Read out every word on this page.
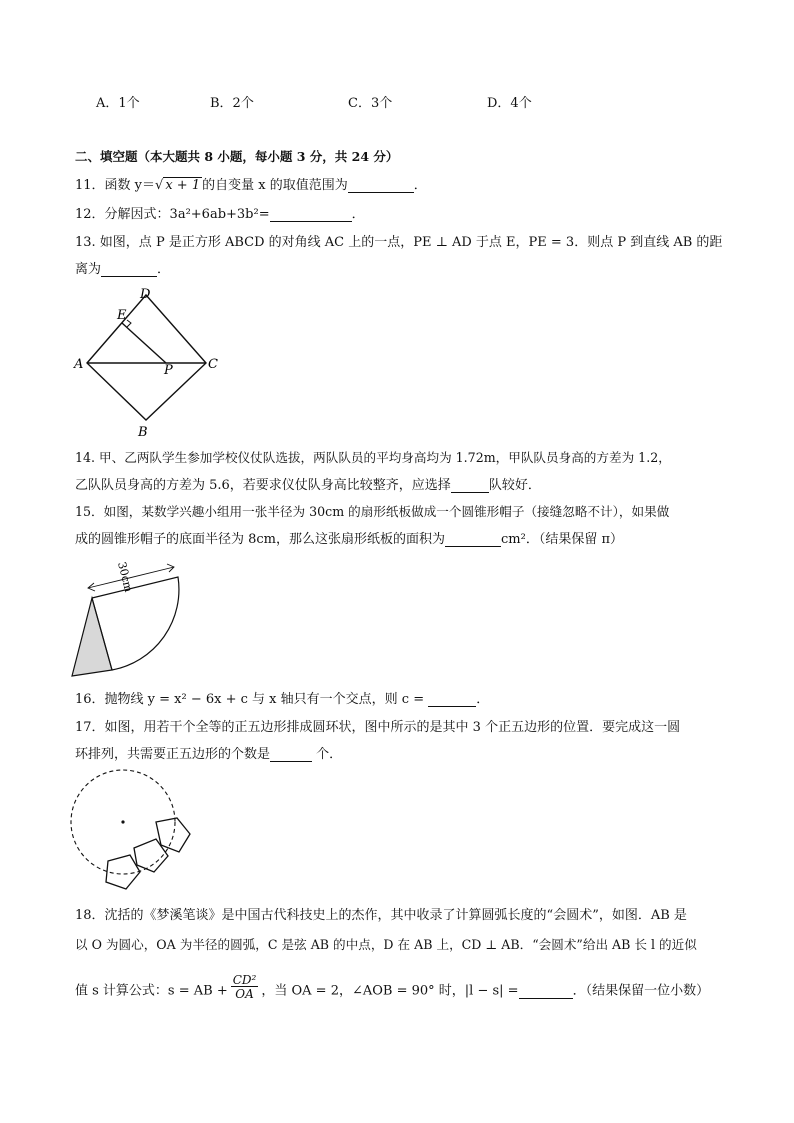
A．1个	B．2个	C．3个	D．4个
二、填空题（本大题共 8 小题，每小题 3 分，共 24 分）
11．函数 y＝√ x + 1 的自变量 x 的取值范围为	．
12．分解因式：3a²+6ab+3b²=	．
13. 如图，点 P 是正方形 ABCD 的对角线 AC 上的一点，PE ⊥ AD 于点 E，PE = 3．则点 P 到直线 AB 的距
离为	．
D
E
A	P	C
B
14. 甲、乙两队学生参加学校仪仗队选拔，两队队员的平均身高均为 1.72m，甲队队员身高的方差为 1.2，
乙队队员身高的方差为 5.6，若要求仪仗队身高比较整齐，应选择	队较好．
15．如图，某数学兴趣小组用一张半径为 30cm 的扇形纸板做成一个圆锥形帽子（接缝忽略不计），如果做
成的圆锥形帽子的底面半径为 8cm，那么这张扇形纸板的面积为	cm²．（结果保留 π）
30cm
16．抛物线 y = x² − 6x + c 与 x 轴只有一个交点，则 c =	．
17．如图，用若干个全等的正五边形排成圆环状，图中所示的是其中 3 个正五边形的位置．要完成这一圆
环排列，共需要正五边形的个数是	个．
18．沈括的《梦溪笔谈》是中国古代科技史上的杰作，其中收录了计算圆弧长度的“会圆术”，如图．AB 是
以 O 为圆心，OA 为半径的圆弧，C 是弦 AB 的中点，D 在 AB 上，CD ⊥ AB．“会圆术”给出 AB 长 l 的近似
值 s 计算公式：s = AB + $\frac{\text{CD²}}{OA}$ ，当 OA = 2，∠AOB = 90° 时，|l − s| =	．（结果保留一位小数）
